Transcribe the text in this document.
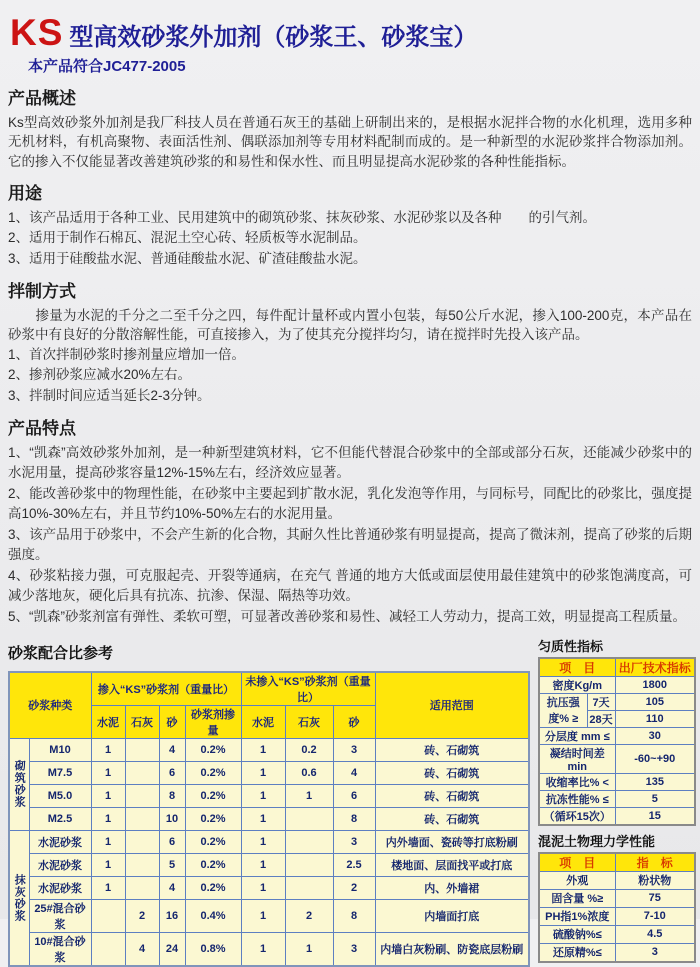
KS 型高效砂浆外加剂（砂浆王、砂浆宝）
本产品符合JC477-2005
产品概述

Ks型高效砂浆外加剂是我厂科技人员在普通石灰王的基础上研制出来的，是根据水泥拌合物的水化机理，选用多种无机材料，有机高聚物、表面活性剂、偶联添加剂等专用材料配制而成的。是一种新型的水泥砂浆拌合物添加剂。它的掺入不仅能显著改善建筑砂浆的和易性和保水性、而且明显提高水泥砂浆的各种性能指标。

用途
1、该产品适用于各种工业、民用建筑中的砌筑砂浆、抹灰砂浆、水泥砂浆以及各种　　的引气剂。
2、适用于制作石棉瓦、混泥土空心砖、轻质板等水泥制品。
3、适用于硅酸盐水泥、普通硅酸盐水泥、矿渣硅酸盐水泥。
拌制方式

　　掺量为水泥的千分之二至千分之四，每件配计量杯或内置小包装，每50公斤水泥，掺入100-200克，本产品在砂浆中有良好的分散溶解性能，可直接掺入，为了使其充分搅拌均匀，请在搅拌时先投入该产品。

1、首次拌制砂浆时掺剂量应增加一倍。
2、掺剂砂浆应减水20%左右。
3、拌制时间应适当延长2-3分钟。
产品特点
1、“凯森”高效砂浆外加剂，是一种新型建筑材料，它不但能代替混合砂浆中的全部或部分石灰，还能减少砂浆中的水泥用量，提高砂浆容量12%-15%左右，经济效应显著。
2、能改善砂浆中的物理性能，在砂浆中主要起到扩散水泥，乳化发泡等作用，与同标号，同配比的砂浆比，强度提高10%-30%左右，并且节约10%-50%左右的水泥用量。
3、该产品用于砂浆中，不会产生新的化合物，其耐久性比普通砂浆有明显提高，提高了微沫剂，提高了砂浆的后期强度。
4、砂浆粘接力强，可克服起壳、开裂等通病，在充气 普通的地方大低或面层使用最佳建筑中的砂浆饱满度高，可减少落地灰，硬化后具有抗冻、抗渗、保湿、隔热等功效。
5、“凯森”砂浆剂富有弹性、柔软可塑，可显著改善砂浆和易性、减轻工人劳动力，提高工效，明显提高工程质量。
砂浆配合比参考
砂浆种类		掺入“KS”砂浆剂（重量比）				未掺入“KS”砂浆剂（重量比）			适用范围
		水泥	石灰	砂	砂浆剂掺量	水泥	石灰	砂	
砌筑砂浆	M10	1		4	0.2%	1	0.2	3	砖、石砌筑
	M7.5	1		6	0.2%	1	0.6	4	砖、石砌筑
	M5.0	1		8	0.2%	1	1	6	砖、石砌筑
	M2.5	1		10	0.2%	1		8	砖、石砌筑
抹灰砂浆	水泥砂浆	1		6	0.2%	1		3	内外墙面、瓷砖等打底粉刷
	水泥砂浆	1		5	0.2%	1		2.5	楼地面、层面找平或打底
	水泥砂浆	1		4	0.2%	1		2	内、外墙裙
	25#混合砂浆		2	16	0.4%	1	2	8	内墙面打底
	10#混合砂浆		4	24	0.8%	1	1	3	内墙白灰粉刷、防瓷底层粉刷
匀质性指标
项　目		出厂技术指标
密度Kg/m		1800
抗压强度% ≥	7天	105
	28天	110
分层度 mm ≤		30
凝结时间差 min		-60~+90
收缩率比% <		135
抗冻性能% ≤		5
（循环15次）		15
混泥土物理力学性能
项　目	指　标
外观	粉状物
固含量 %≥	75
PH指1%浓度	7-10
硫酸钠%≤	4.5
还原精%≤	3
